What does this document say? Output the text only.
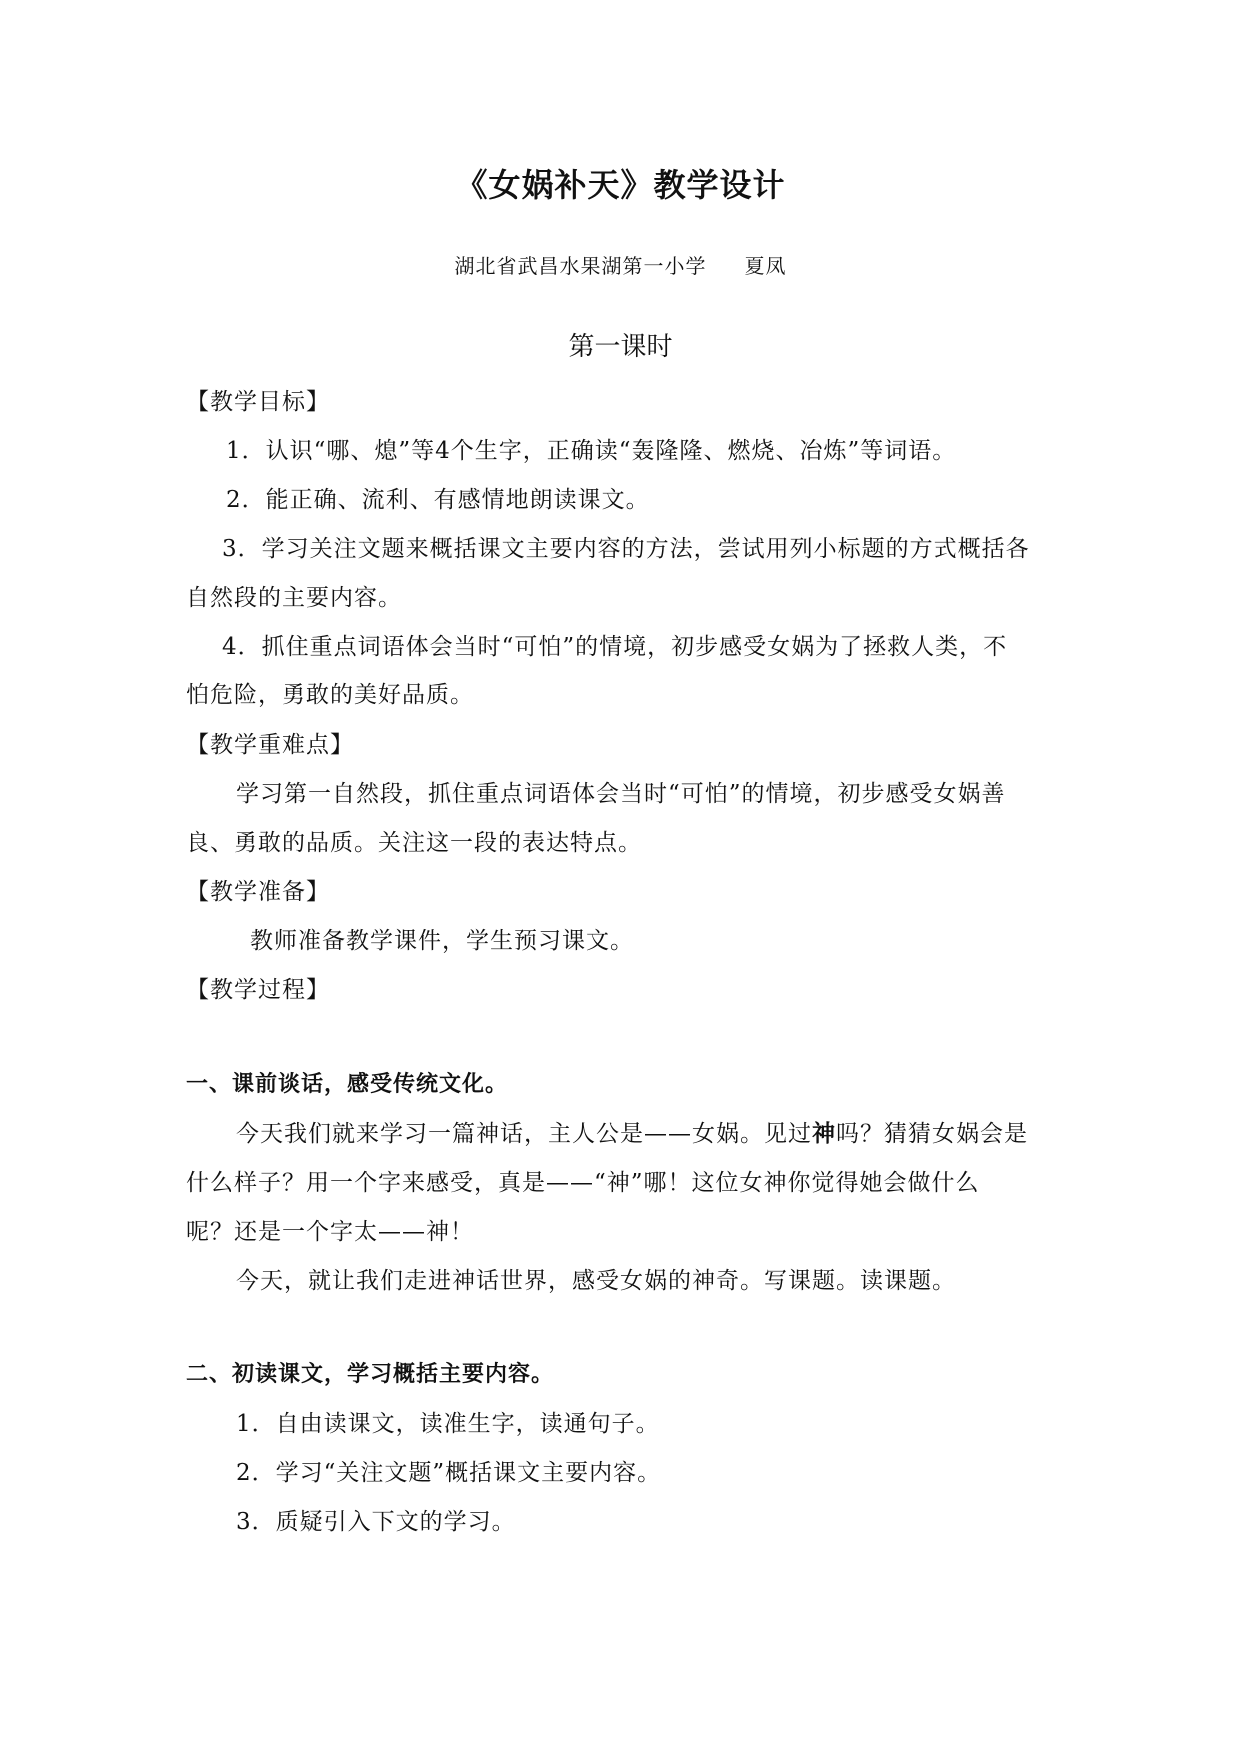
《女娲补天》教学设计
湖北省武昌水果湖第一小学 夏凤
第一课时
【教学目标】
1．认识“哪、熄”等4个生字，正确读“轰隆隆、燃烧、冶炼”等词语。
2．能正确、流利、有感情地朗读课文。
3．学习关注文题来概括课文主要内容的方法，尝试用列小标题的方式概括各
自然段的主要内容。
4．抓住重点词语体会当时“可怕”的情境，初步感受女娲为了拯救人类，不
怕危险，勇敢的美好品质。
【教学重难点】
学习第一自然段，抓住重点词语体会当时“可怕”的情境，初步感受女娲善
良、勇敢的品质。关注这一段的表达特点。
【教学准备】
教师准备教学课件，学生预习课文。
【教学过程】
一、课前谈话，感受传统文化。
今天我们就来学习一篇神话，主人公是——女娲。见过神吗？猜猜女娲会是
什么样子？用一个字来感受，真是——“神”哪！这位女神你觉得她会做什么
呢？还是一个字太——神！
今天，就让我们走进神话世界，感受女娲的神奇。写课题。读课题。
二、初读课文，学习概括主要内容。
1．自由读课文，读准生字，读通句子。
2．学习“关注文题”概括课文主要内容。
3．质疑引入下文的学习。
